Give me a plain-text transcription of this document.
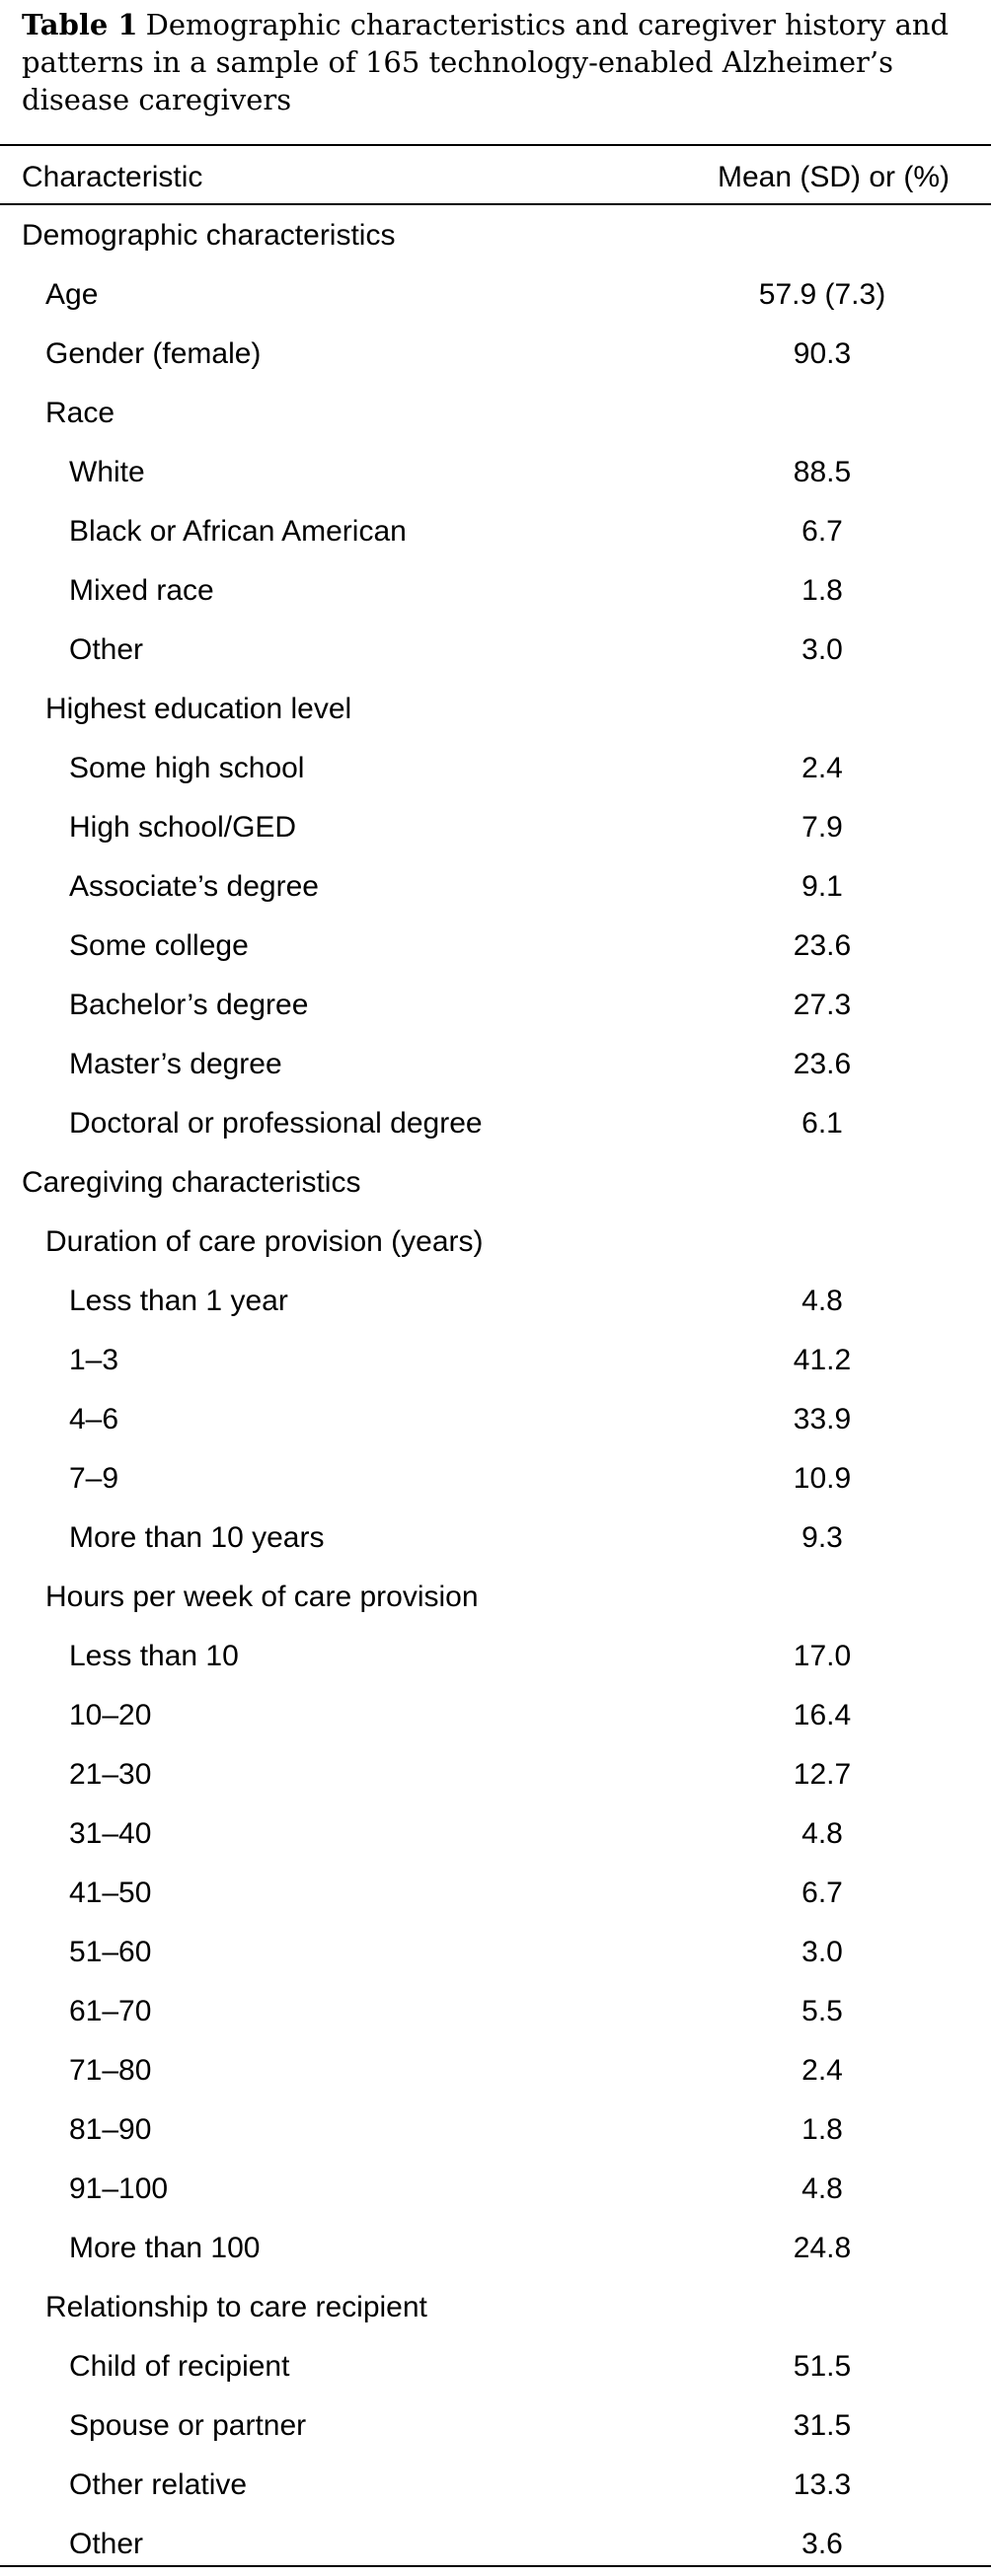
Table 1 Demographic characteristics and caregiver history and patterns in a sample of 165 technology-enabled Alzheimer’s disease caregivers
Characteristic	Mean (SD) or (%)
Demographic characteristics
Age	57.9 (7.3)
Gender (female)	90.3
Race
White	88.5
Black or African American	6.7
Mixed race	1.8
Other	3.0
Highest education level
Some high school	2.4
High school/GED	7.9
Associate’s degree	9.1
Some college	23.6
Bachelor’s degree	27.3
Master’s degree	23.6
Doctoral or professional degree	6.1
Caregiving characteristics
Duration of care provision (years)
Less than 1 year	4.8
1–3	41.2
4–6	33.9
7–9	10.9
More than 10 years	9.3
Hours per week of care provision
Less than 10	17.0
10–20	16.4
21–30	12.7
31–40	4.8
41–50	6.7
51–60	3.0
61–70	5.5
71–80	2.4
81–90	1.8
91–100	4.8
More than 100	24.8
Relationship to care recipient
Child of recipient	51.5
Spouse or partner	31.5
Other relative	13.3
Other	3.6
